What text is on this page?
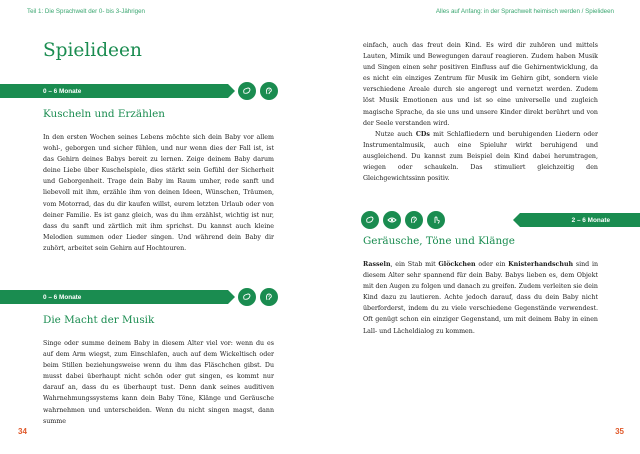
Teil 1: Die Sprachwelt der 0- bis 3-Jährigen	Alles auf Anfang: in der Sprachwelt heimisch werden / Spielideen
Spielideen
0 – 6 Monate
Kuscheln und Erzählen

In den ersten Wochen seines Lebens möchte sich dein Baby vor allem wohl-, geborgen und sicher fühlen, und nur wenn dies der Fall ist, ist das Gehirn deines Babys bereit zu lernen. Zeige deinem Baby darum deine Liebe über Kuschelspiele, dies stärkt sein Gefühl der Sicherheit und Geborgenheit. Trage dein Baby im Raum umher, rede sanft und liebevoll mit ihm, erzähle ihm von deinen Ideen, Wünschen, Träumen, vom Motorrad, das du dir kaufen willst, eurem letzten Urlaub oder von deiner Familie. Es ist ganz gleich, was du ihm erzählst, wichtig ist nur, dass du sanft und zärtlich mit ihm sprichst. Du kannst auch kleine Melodien summen oder Lieder singen. Und während dein Baby dir zuhört, arbeitet sein Gehirn auf Hochtouren.

0 – 6 Monate
Die Macht der Musik

Singe oder summe deinem Baby in diesem Alter viel vor: wenn du es auf dem Arm wiegst, zum Einschlafen, auch auf dem Wickeltisch oder beim Stillen beziehungsweise wenn du ihm das Fläschchen gibst. Du musst dabei überhaupt nicht schön oder gut singen, es kommt nur darauf an, dass du es überhaupt tust. Denn dank seines auditiven Wahrnehmungssystems kann dein Baby Töne, Klänge und Geräusche wahrnehmen und unterscheiden. Wenn du nicht singen magst, dann summe

34

einfach, auch das freut dein Kind. Es wird dir zuhören und mittels Lauten, Mimik und Bewegungen darauf reagieren. Zudem haben Musik und Singen einen sehr positiven Einfluss auf die Gehirnentwicklung, da es nicht ein einziges Zentrum für Musik im Gehirn gibt, sondern viele verschiedene Areale durch sie angeregt und vernetzt werden. Zudem löst Musik Emotionen aus und ist so eine universelle und zugleich magische Sprache, da sie uns und unsere Kinder direkt berührt und von der Seele verstanden wird.

Nutze auch CDs mit Schlafliedern und beruhigenden Liedern oder Instrumentalmusik, auch eine Spieluhr wirkt beruhigend und ausgleichend. Du kannst zum Beispiel dein Kind dabei herumtragen, wiegen oder schaukeln. Das stimuliert gleichzeitig den Gleichgewichtssinn positiv.

2 – 6 Monate
Geräusche, Töne und Klänge

Rasseln, ein Stab mit Glöckchen oder ein Knisterhandschuh sind in diesem Alter sehr spannend für dein Baby. Babys lieben es, dem Objekt mit den Augen zu folgen und danach zu greifen. Zudem verleiten sie dein Kind dazu zu lautieren. Achte jedoch darauf, dass du dein Baby nicht überforderst, indem du zu viele verschiedene Gegenstände verwendest. Oft genügt schon ein einziger Gegenstand, um mit deinem Baby in einen Lall- und Lächeldialog zu kommen.

35
